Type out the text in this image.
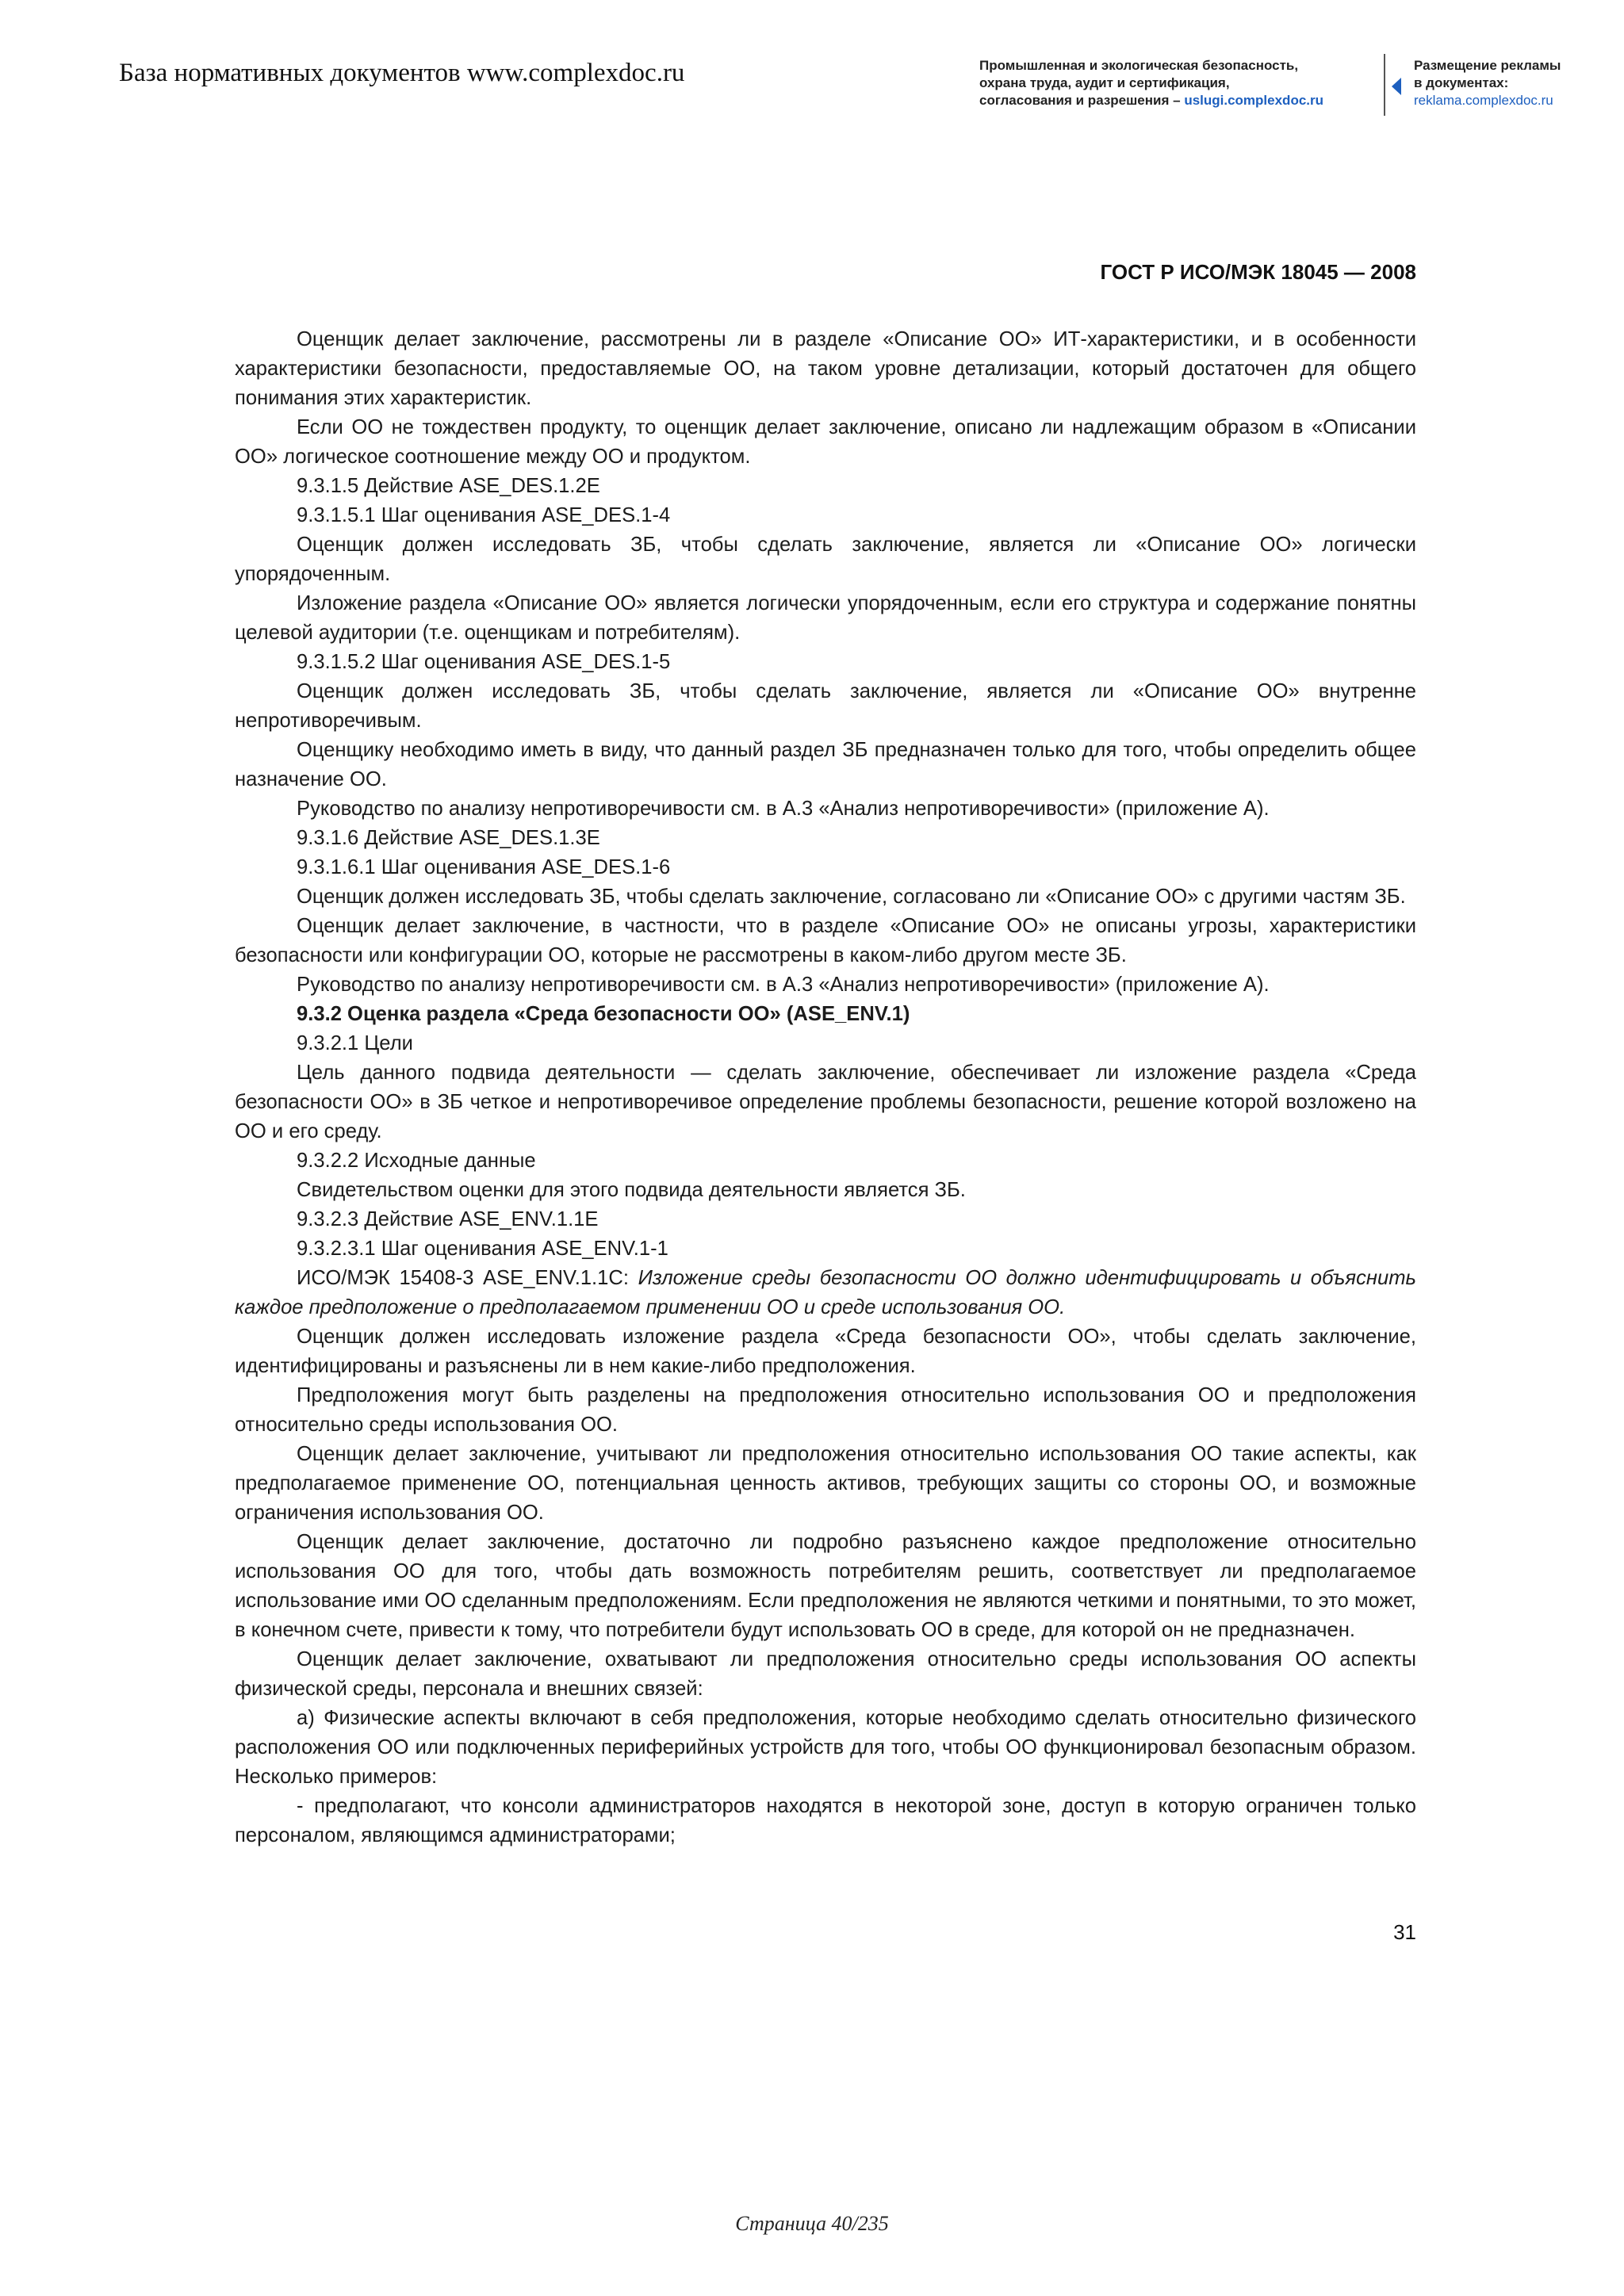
База нормативных документов www.complexdoc.ru	Промышленная и экологическая безопасность,
охрана труда, аудит и сертификация,
согласования и разрешения – uslugi.complexdoc.ru
Размещение рекламы
в документах:
reklama.complexdoc.ru
ГОСТ Р ИСО/МЭК 18045 — 2008

Оценщик делает заключение, рассмотрены ли в разделе «Описание ОО» ИТ-характеристики, и в особенности характеристики безопасности, предоставляемые ОО, на таком уровне детализации, который достаточен для общего понимания этих характеристик.

Если ОО не тождествен продукту, то оценщик делает заключение, описано ли надлежащим образом в «Описании ОО» логическое соотношение между ОО и продуктом.

9.3.1.5 Действие ASE_DES.1.2E

9.3.1.5.1 Шаг оценивания ASE_DES.1-4

Оценщик должен исследовать ЗБ, чтобы сделать заключение, является ли «Описание ОО» логически упорядоченным.

Изложение раздела «Описание ОО» является логически упорядоченным, если его структура и содержание понятны целевой аудитории (т.е. оценщикам и потребителям).

9.3.1.5.2 Шаг оценивания ASE_DES.1-5

Оценщик должен исследовать ЗБ, чтобы сделать заключение, является ли «Описание ОО» внутренне непротиворечивым.

Оценщику необходимо иметь в виду, что данный раздел ЗБ предназначен только для того, чтобы определить общее назначение ОО.

Руководство по анализу непротиворечивости см. в А.3 «Анализ непротиворечивости» (приложение А).

9.3.1.6 Действие ASE_DES.1.3E

9.3.1.6.1 Шаг оценивания ASE_DES.1-6

Оценщик должен исследовать ЗБ, чтобы сделать заключение, согласовано ли «Описание ОО» с другими частям ЗБ.

Оценщик делает заключение, в частности, что в разделе «Описание ОО» не описаны угрозы, характеристики безопасности или конфигурации ОО, которые не рассмотрены в каком-либо другом месте ЗБ.

Руководство по анализу непротиворечивости см. в А.3 «Анализ непротиворечивости» (приложение А).

9.3.2 Оценка раздела «Среда безопасности ОО» (ASE_ENV.1)

9.3.2.1 Цели

Цель данного подвида деятельности — сделать заключение, обеспечивает ли изложение раздела «Среда безопасности ОО» в ЗБ четкое и непротиворечивое определение проблемы безопасности, решение которой возложено на ОО и его среду.

9.3.2.2 Исходные данные

Свидетельством оценки для этого подвида деятельности является ЗБ.

9.3.2.3 Действие ASE_ENV.1.1E

9.3.2.3.1 Шаг оценивания ASE_ENV.1-1

ИСО/МЭК 15408-3 ASE_ENV.1.1C: Изложение среды безопасности ОО должно идентифицировать и объяснить каждое предположение о предполагаемом применении ОО и среде использования ОО.

Оценщик должен исследовать изложение раздела «Среда безопасности ОО», чтобы сделать заключение, идентифицированы и разъяснены ли в нем какие-либо предположения.

Предположения могут быть разделены на предположения относительно использования ОО и предположения относительно среды использования ОО.

Оценщик делает заключение, учитывают ли предположения относительно использования ОО такие аспекты, как предполагаемое применение ОО, потенциальная ценность активов, требующих защиты со стороны ОО, и возможные ограничения использования ОО.

Оценщик делает заключение, достаточно ли подробно разъяснено каждое предположение относительно использования ОО для того, чтобы дать возможность потребителям решить, соответствует ли предполагаемое использование ими ОО сделанным предположениям. Если предположения не являются четкими и понятными, то это может, в конечном счете, привести к тому, что потребители будут использовать ОО в среде, для которой он не предназначен.

Оценщик делает заключение, охватывают ли предположения относительно среды использования ОО аспекты физической среды, персонала и внешних связей:

а) Физические аспекты включают в себя предположения, которые необходимо сделать относительно физического расположения ОО или подключенных периферийных устройств для того, чтобы ОО функционировал безопасным образом. Несколько примеров:

- предполагают, что консоли администраторов находятся в некоторой зоне, доступ в которую ограничен только персоналом, являющимся администраторами;

31
Страница 40/235
